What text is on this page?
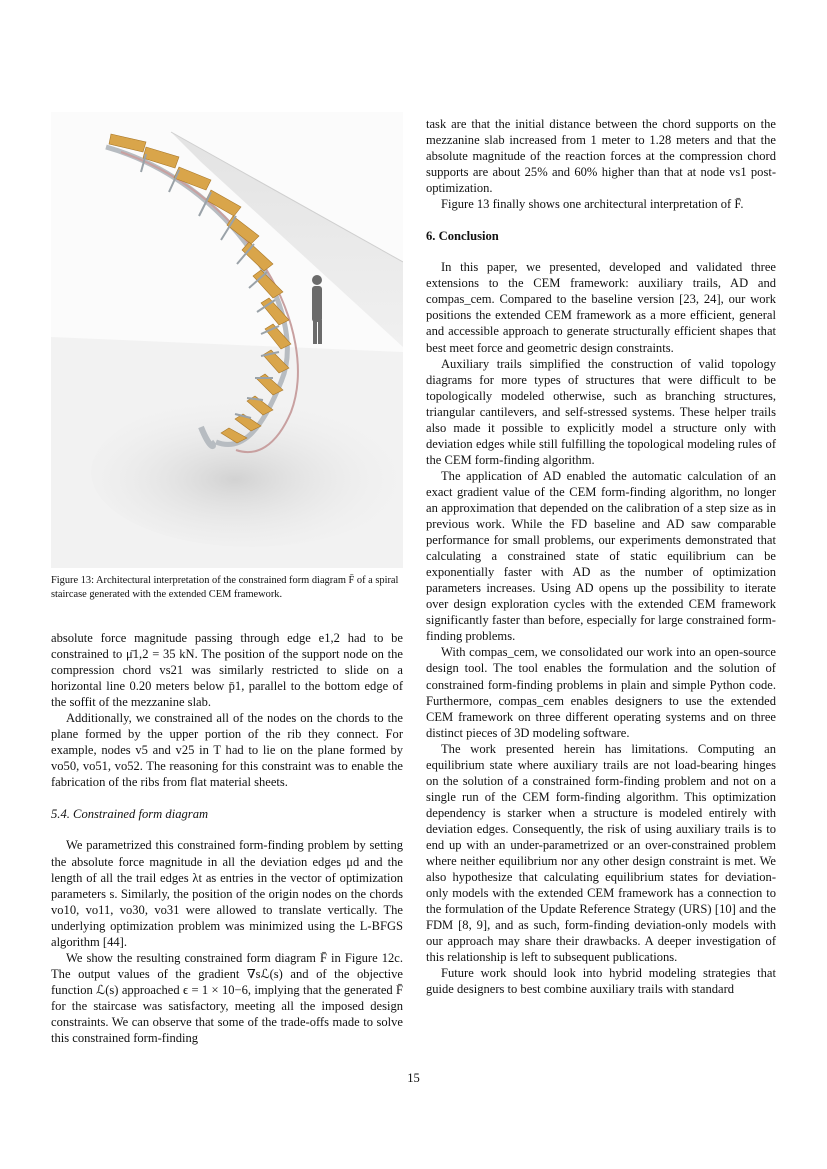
Figure 13: Architectural interpretation of the constrained form diagram F̄ of a spiral staircase generated with the extended CEM framework.

absolute force magnitude passing through edge e1,2 had to be constrained to μ̄1,2 = 35 kN. The position of the support node on the compression chord vs21 was similarly restricted to slide on a horizontal line 0.20 meters below p̄1, parallel to the bottom edge of the soffit of the mezzanine slab.

Additionally, we constrained all of the nodes on the chords to the plane formed by the upper portion of the rib they connect. For example, nodes v5 and v25 in T had to lie on the plane formed by vo50, vo51, vo52. The reasoning for this constraint was to enable the fabrication of the ribs from flat material sheets.

5.4. Constrained form diagram

We parametrized this constrained form-finding problem by setting the absolute force magnitude in all the deviation edges μd and the length of all the trail edges λt as entries in the vector of optimization parameters s. Similarly, the position of the origin nodes on the chords vo10, vo11, vo30, vo31 were allowed to translate vertically. The underlying optimization problem was minimized using the L-BFGS algorithm [44].

We show the resulting constrained form diagram F̄ in Figure 12c. The output values of the gradient ∇sℒ(s) and of the objective function ℒ(s) approached ϵ = 1 × 10−6, implying that the generated F̄ for the staircase was satisfactory, meeting all the imposed design constraints. We can observe that some of the trade-offs made to solve this constrained form-finding

task are that the initial distance between the chord supports on the mezzanine slab increased from 1 meter to 1.28 meters and that the absolute magnitude of the reaction forces at the compression chord supports are about 25% and 60% higher than that at node vs1 post-optimization.

Figure 13 finally shows one architectural interpretation of F̄.

6. Conclusion

In this paper, we presented, developed and validated three extensions to the CEM framework: auxiliary trails, AD and compas_cem. Compared to the baseline version [23, 24], our work positions the extended CEM framework as a more efficient, general and accessible approach to generate structurally efficient shapes that best meet force and geometric design constraints.

Auxiliary trails simplified the construction of valid topology diagrams for more types of structures that were difficult to be topologically modeled otherwise, such as branching structures, triangular cantilevers, and self-stressed systems. These helper trails also made it possible to explicitly model a structure only with deviation edges while still fulfilling the topological modeling rules of the CEM form-finding algorithm.

The application of AD enabled the automatic calculation of an exact gradient value of the CEM form-finding algorithm, no longer an approximation that depended on the calibration of a step size as in previous work. While the FD baseline and AD saw comparable performance for small problems, our experiments demonstrated that calculating a constrained state of static equilibrium can be exponentially faster with AD as the number of optimization parameters increases. Using AD opens up the possibility to iterate over design exploration cycles with the extended CEM framework significantly faster than before, especially for large constrained form-finding problems.

With compas_cem, we consolidated our work into an open-source design tool. The tool enables the formulation and the solution of constrained form-finding problems in plain and simple Python code. Furthermore, compas_cem enables designers to use the extended CEM framework on three different operating systems and on three distinct pieces of 3D modeling software.

The work presented herein has limitations. Computing an equilibrium state where auxiliary trails are not load-bearing hinges on the solution of a constrained form-finding problem and not on a single run of the CEM form-finding algorithm. This optimization dependency is starker when a structure is modeled entirely with deviation edges. Consequently, the risk of using auxiliary trails is to end up with an under-parametrized or an over-constrained problem where neither equilibrium nor any other design constraint is met. We also hypothesize that calculating equilibrium states for deviation-only models with the extended CEM framework has a connection to the formulation of the Update Reference Strategy (URS) [10] and the FDM [8, 9], and as such, form-finding deviation-only models with our approach may share their drawbacks. A deeper investigation of this relationship is left to subsequent publications.

Future work should look into hybrid modeling strategies that guide designers to best combine auxiliary trails with standard

15
